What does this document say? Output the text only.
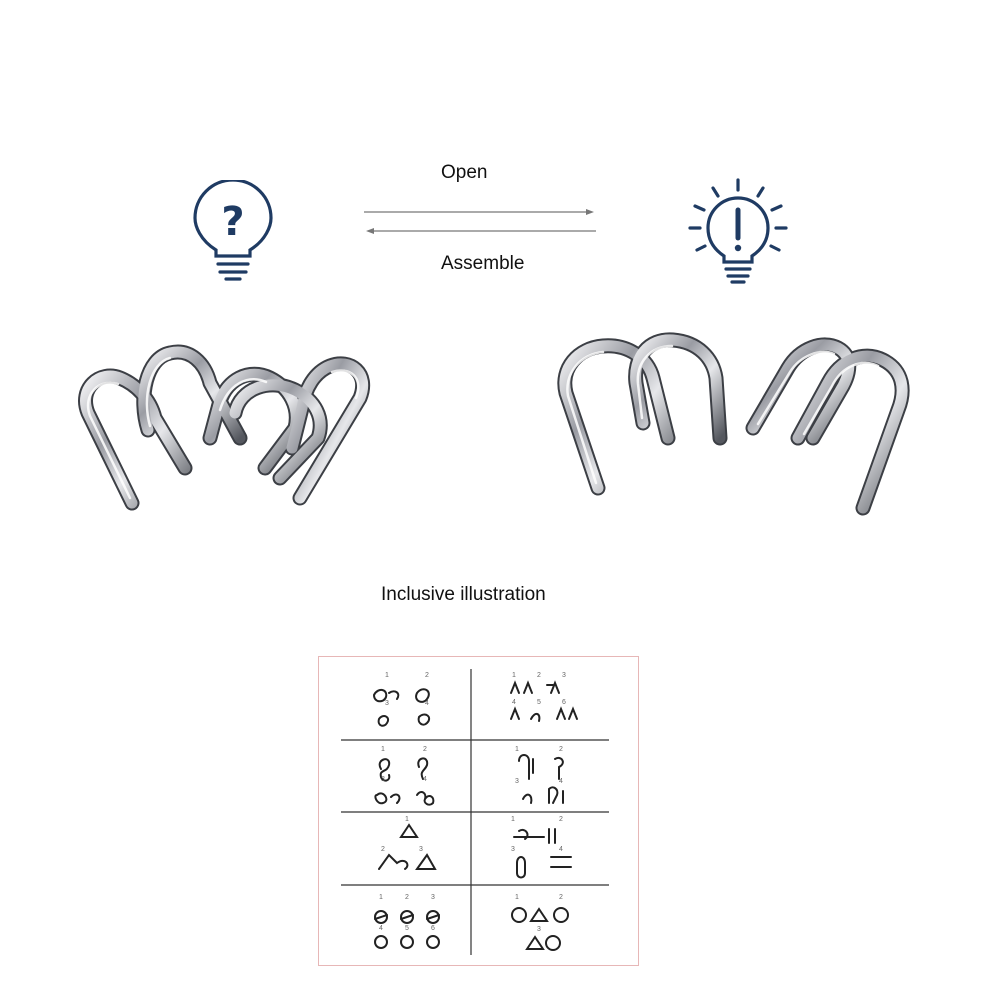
Open
Assemble
Inclusive illustration
?
1	2
3	4
1	2	3
4	5	6
1	2
3	4
1	2
3	4
1
2	3
1	2
3	4
1	2	3
4	5	6
1	2
3
